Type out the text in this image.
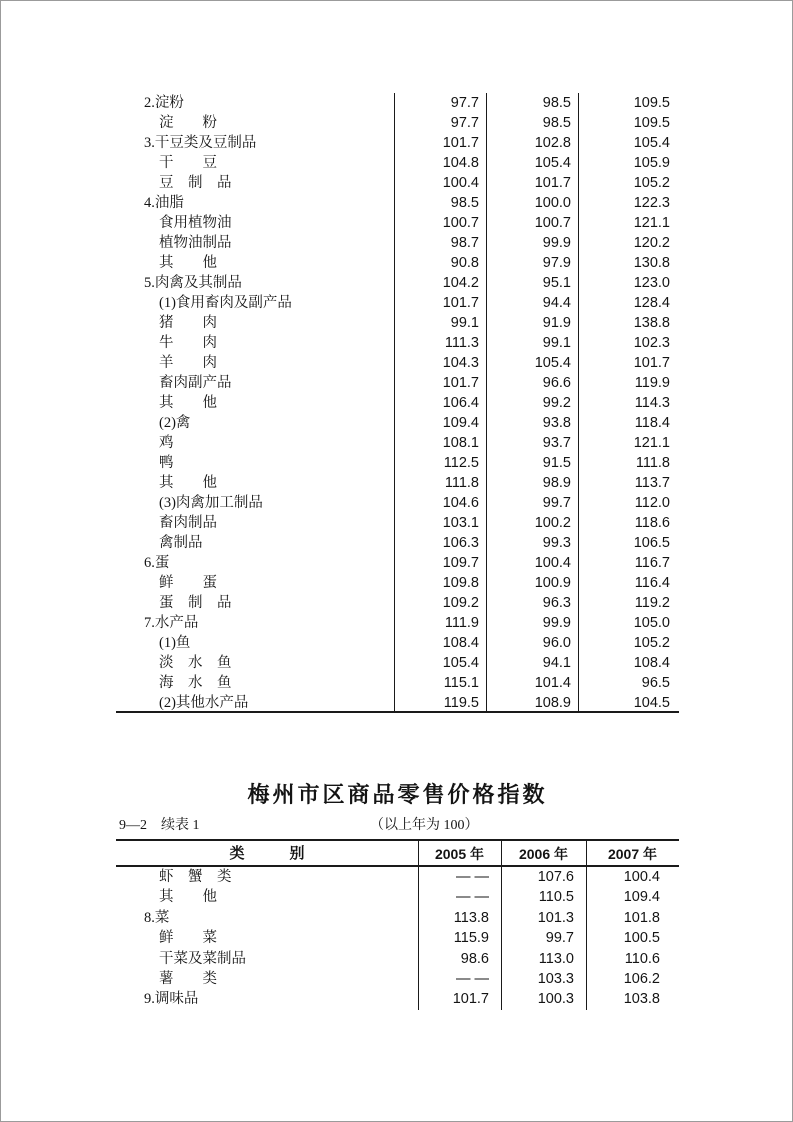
2.淀粉	97.7	98.5	109.5
淀　　粉	97.7	98.5	109.5
3.干豆类及豆制品	101.7	102.8	105.4
干　　豆	104.8	105.4	105.9
豆　制　品	100.4	101.7	105.2
4.油脂	98.5	100.0	122.3
食用植物油	100.7	100.7	121.1
植物油制品	98.7	99.9	120.2
其　　他	90.8	97.9	130.8
5.肉禽及其制品	104.2	95.1	123.0
(1)食用畜肉及副产品	101.7	94.4	128.4
猪　　肉	99.1	91.9	138.8
牛　　肉	111.3	99.1	102.3
羊　　肉	104.3	105.4	101.7
畜肉副产品	101.7	96.6	119.9
其　　他	106.4	99.2	114.3
(2)禽	109.4	93.8	118.4
鸡	108.1	93.7	121.1
鸭	112.5	91.5	111.8
其　　他	111.8	98.9	113.7
(3)肉禽加工制品	104.6	99.7	112.0
畜肉制品	103.1	100.2	118.6
禽制品	106.3	99.3	106.5
6.蛋	109.7	100.4	116.7
鲜　　蛋	109.8	100.9	116.4
蛋　制　品	109.2	96.3	119.2
7.水产品	111.9	99.9	105.0
(1)鱼	108.4	96.0	105.2
淡　水　鱼	105.4	94.1	108.4
海　水　鱼	115.1	101.4	96.5
(2)其他水产品	119.5	108.9	104.5
梅州市区商品零售价格指数
9—2　续表 1	（以上年为 100）
类　　　别	2005 年	2006 年	2007 年
虾　蟹　类	— —	107.6	100.4
其　　他	— —	110.5	109.4
8.菜	113.8	101.3	101.8
鲜　　菜	115.9	99.7	100.5
干菜及菜制品	98.6	113.0	110.6
薯　　类	— —	103.3	106.2
9.调味品	101.7	100.3	103.8
